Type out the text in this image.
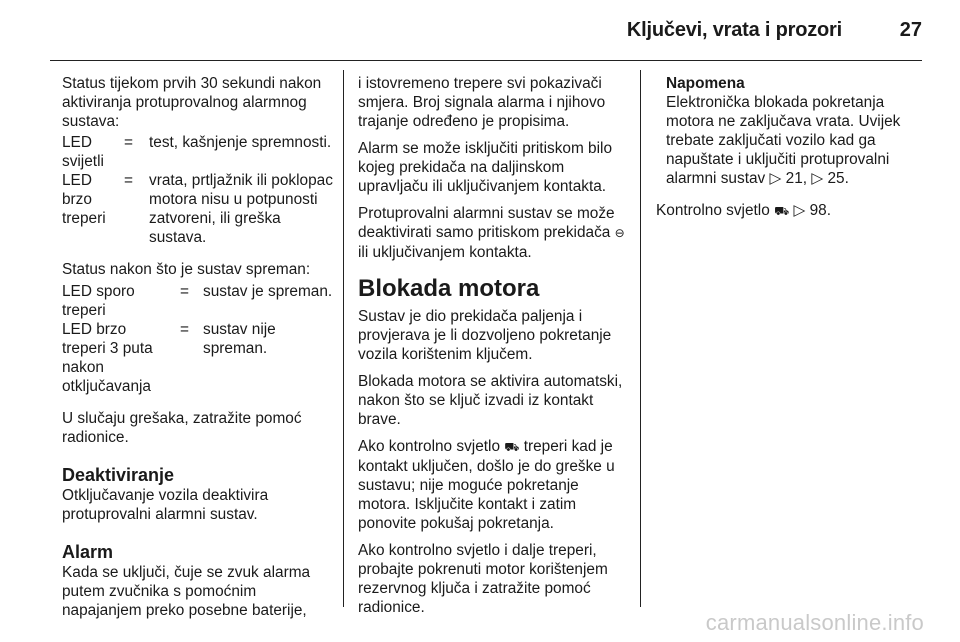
Ključevi, vrata i prozori	27

Status tijekom prvih 30 sekundi nakon aktiviranja protuprovalnog alarmnog sustava:

LED svijetli
=	test, kašnjenje spremnosti.
LED brzo treperi
=	vrata, prtljažnik ili poklopac motora nisu u potpunosti zatvoreni, ili greška sustava.

Status nakon što je sustav spreman:

LED sporo treperi
= sustav je spreman.
LED brzo treperi 3 puta nakon otključavanja
= sustav nije spreman.

U slučaju grešaka, zatražite pomoć radionice.

Deaktiviranje

Otključavanje vozila deaktivira protuprovalni alarmni sustav.

Alarm

Kada se uključi, čuje se zvuk alarma putem zvučnika s pomoćnim napajanjem preko posebne baterije,

i istovremeno trepere svi pokazivači smjera. Broj signala alarma i njihovo trajanje određeno je propisima.

Alarm se može isključiti pritiskom bilo kojeg prekidača na daljinskom upravljaču ili uključivanjem kontakta.

Protuprovalni alarmni sustav se može deaktivirati samo pritiskom prekidača ⊖ ili uključivanjem kontakta.

Blokada motora

Sustav je dio prekidača paljenja i provjerava je li dozvoljeno pokretanje vozila korištenim ključem.

Blokada motora se aktivira automatski, nakon što se ključ izvadi iz kontakt brave.

Ako kontrolno svjetlo ⛟ treperi kad je kontakt uključen, došlo je do greške u sustavu; nije moguće pokretanje motora. Isključite kontakt i zatim ponovite pokušaj pokretanja.

Ako kontrolno svjetlo i dalje treperi, probajte pokrenuti motor korištenjem rezervnog ključa i zatražite pomoć radionice.

Napomena
Elektronička blokada pokretanja motora ne zaključava vrata. Uvijek trebate zaključati vozilo kad ga napuštate i uključiti protuprovalni alarmni sustav ▷ 21, ▷ 25.

Kontrolno svjetlo ⛟ ▷ 98.

carmanualsonline.info
